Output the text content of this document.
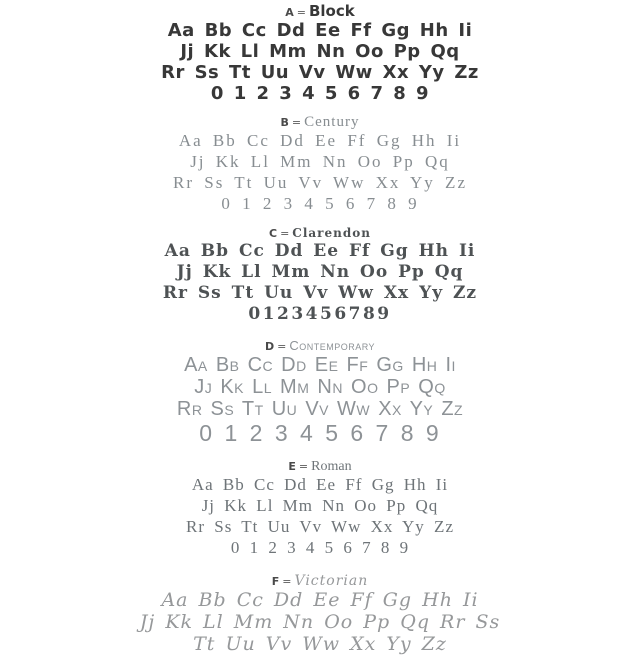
A = Block
Aa Bb Cc Dd Ee Ff Gg Hh Ii
Jj Kk Ll Mm Nn Oo Pp Qq
Rr Ss Tt Uu Vv Ww Xx Yy Zz
0 1 2 3 4 5 6 7 8 9
B = Century
Aa Bb Cc Dd Ee Ff Gg Hh Ii
Jj Kk Ll Mm Nn Oo Pp Qq
Rr Ss Tt Uu Vv Ww Xx Yy Zz
0 1 2 3 4 5 6 7 8 9
C = Clarendon
Aa Bb Cc Dd Ee Ff Gg Hh Ii
Jj Kk Ll Mm Nn Oo Pp Qq
Rr Ss Tt Uu Vv Ww Xx Yy Zz
0123456789
D = Contemporary
Aa Bb Cc Dd Ee Ff Gg Hh Ii
Jj Kk Ll Mm Nn Oo Pp Qq
Rr Ss Tt Uu Vv Ww Xx Yy Zz
0 1 2 3 4 5 6 7 8 9
E = Roman
Aa Bb Cc Dd Ee Ff Gg Hh Ii
Jj Kk Ll Mm Nn Oo Pp Qq
Rr Ss Tt Uu Vv Ww Xx Yy Zz
0 1 2 3 4 5 6 7 8 9
F = Victorian
Aa Bb Cc Dd Ee Ff Gg Hh Ii
Jj Kk Ll Mm Nn Oo Pp Qq Rr Ss
Tt Uu Vv Ww Xx Yy Zz
